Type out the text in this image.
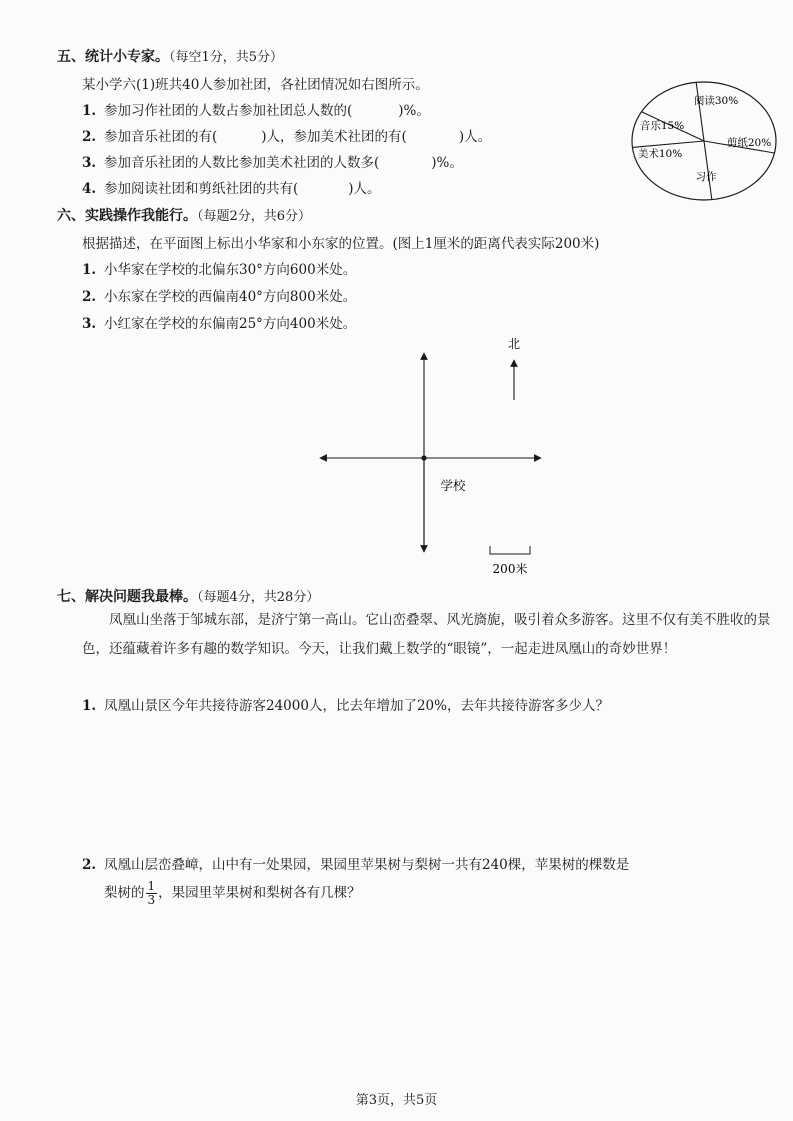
五、统计小专家。（每空1分，共5分）
某小学六(1)班共40人参加社团，各社团情况如右图所示。
1. 参加习作社团的人数占参加社团总人数的(	)%。
2. 参加音乐社团的有(	)人，参加美术社团的有(	)人。
3. 参加音乐社团的人数比参加美术社团的人数多(	)%。
4. 参加阅读社团和剪纸社团的共有(	)人。
阅读30%
剪纸20%
习作
美术10%
音乐15%
六、实践操作我能行。（每题2分，共6分）
根据描述，在平面图上标出小华家和小东家的位置。(图上1厘米的距离代表实际200米)
1. 小华家在学校的北偏东30°方向600米处。
2. 小东家在学校的西偏南40°方向800米处。
3. 小红家在学校的东偏南25°方向400米处。
北
学校
200米
七、解决问题我最棒。（每题4分，共28分）
凤凰山坐落于邹城东部，是济宁第一高山。它山峦叠翠、风光旖旎，吸引着众多游客。这里不仅有美不胜收的景色，还蕴藏着许多有趣的数学知识。今天，让我们戴上数学的“眼镜”，一起走进凤凰山的奇妙世界！
1. 凤凰山景区今年共接待游客24000人，比去年增加了20%，去年共接待游客多少人？
2. 凤凰山层峦叠嶂，山中有一处果园，果园里苹果树与梨树一共有240棵，苹果树的棵数是
梨树的 $\frac{1}{3}$ ，果园里苹果树和梨树各有几棵？
第3页，共5页
